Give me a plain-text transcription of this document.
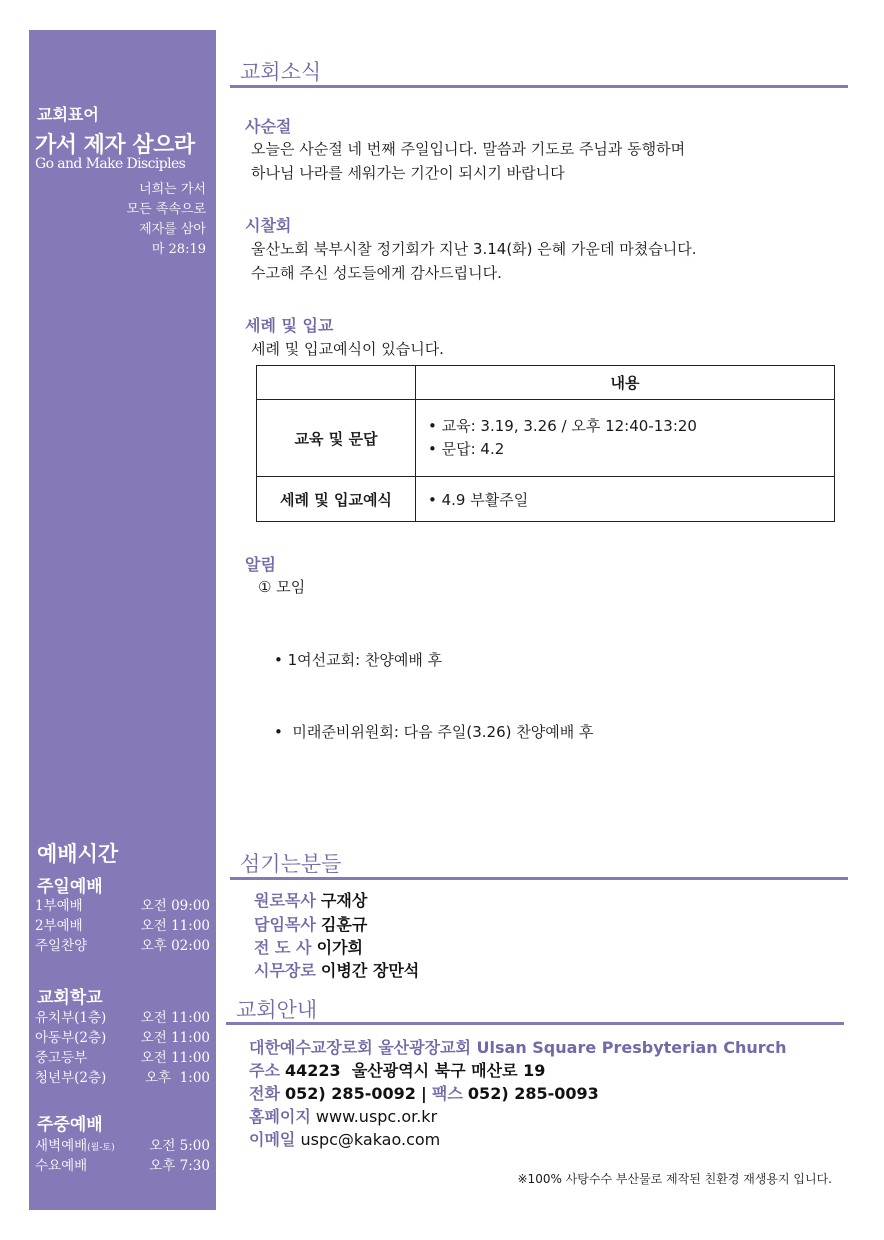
교회표어
가서 제자 삼으라
Go and Make Disciples
너희는 가서
모든 족속으로
제자를 삼아
마 28:19
예배시간
주일예배
1부예배	오전 09:00
2부예배	오전 11:00
주일찬양	오후 02:00
교회학교
유치부(1층)	오전 11:00
아동부(2층)	오전 11:00
중고등부	오전 11:00
청년부(2층)	오후  1:00
주중예배
새벽예배(월-토)	오전 5:00
수요예배	오후 7:30
교회소식
사순절
오늘은 사순절 네 번째 주일입니다. 말씀과 기도로 주님과 동행하며
하나님 나라를 세워가는 기간이 되시기 바랍니다
시찰회
울산노회 북부시찰 정기회가 지난 3.14(화) 은혜 가운데 마쳤습니다.
수고해 주신 성도들에게 감사드립니다.
세례 및 입교
세례 및 입교예식이 있습니다.
	내용
교육 및 문답	• 교육: 3.19, 3.26 / 오후 12:40-13:20
• 문답: 4.2

세례 및 입교예식	• 4.9 부활주일
알림
① 모임

• 1여선교회: 찬양예배 후

•  미래준비위원회: 다음 주일(3.26) 찬양예배 후

섬기는분들
원로목사 구재상
담임목사 김훈규
전 도 사 이가희
시무장로 이병간 장만석
교회안내
대한예수교장로회 울산광장교회 Ulsan Square Presbyterian Church
주소 44223  울산광역시 북구 매산로 19
전화 052) 285-0092 | 팩스 052) 285-0093
홈페이지 www.uspc.or.kr
이메일 uspc@kakao.com
※100% 사탕수수 부산물로 제작된 친환경 재생용지 입니다.
